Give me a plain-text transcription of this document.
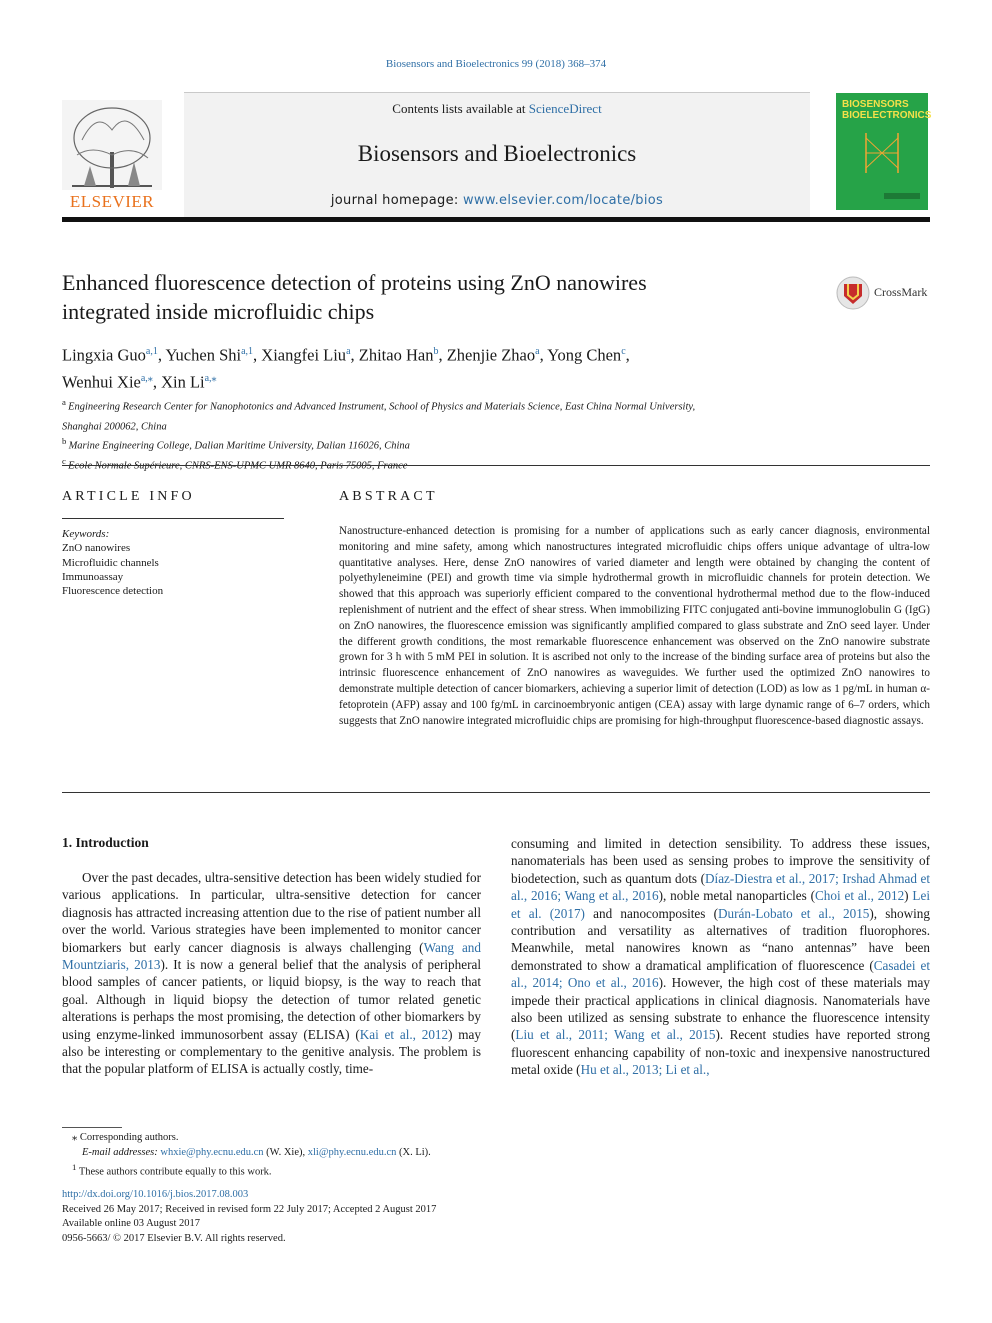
Biosensors and Bioelectronics 99 (2018) 368–374
ELSEVIER
Contents lists available at ScienceDirect
Biosensors and Bioelectronics
journal homepage: www.elsevier.com/locate/bios
BIOSENSORS
BIOELECTRONICS
Enhanced fluorescence detection of proteins using ZnO nanowires
integrated inside microfluidic chips
CrossMark
Lingxia Guo$^{a,1}$, Yuchen Shi$^{a,1}$, Xiangfei Liu$^a$, Zhitao Han$^b$, Zhenjie Zhao$^a$, Yong Chen$^c$,
Wenhui Xie$^{a,⁎}$, Xin $Li^{a,⁎}$
$^a$ Engineering Research Center for Nanophotonics and Advanced Instrument, School of Physics and Materials Science, East China Normal University,
Shanghai 200062, China
$^b$ Marine Engineering College, Dalian Maritime University, Dalian 116026, China
$^c$
ARTICLE INFO
Keywords:
ZnO nanowires
Microfluidic channels
Immunoassay
Fluorescence detection
ABSTRACT
Nanostructure-enhanced detection is promising for a number of applications such as early cancer diagnosis, environmental monitoring and mine safety, among which nanostructures integrated microfluidic chips offers unique advantage of ultra-low quantitative analyses. Here, dense ZnO nanowires of varied diameter and length were obtained by changing the content of polyethyleneimine (PEI) and growth time via simple hydrothermal growth in microfluidic channels for protein detection. We showed that this approach was superiorly efficient compared to the conventional hydrothermal method due to the flow-induced replenishment of nutrient and the effect of shear stress. When immobilizing FITC conjugated anti-bovine immunoglobulin G (IgG) on ZnO nanowires, the fluorescence emission was significantly amplified compared to glass substrate and ZnO seed layer. Under the different growth conditions, the most remarkable fluorescence enhancement was observed on the ZnO nanowire substrate grown for 3 h with 5 mM PEI in solution. It is ascribed not only to the increase of the binding surface area of proteins but also the intrinsic fluorescence enhancement of ZnO nanowires as waveguides. We further used the optimized ZnO nanowires to demonstrate multiple detection of cancer biomarkers, achieving a superior limit of detection (LOD) as low as 1 pg/mL in human α-fetoprotein (AFP) assay and 100 fg/mL in carcinoembryonic antigen (CEA) assay with large dynamic range of 6–7 orders, which suggests that ZnO nanowire integrated microfluidic chips are promising for high-throughput fluorescence-based diagnostic assays.
1. Introduction

Over the past decades, ultra-sensitive detection has been widely studied for various applications. In particular, ultra-sensitive detection for cancer diagnosis has attracted increasing attention due to the rise of patient number all over the world. Various strategies have been implemented to monitor cancer biomarkers but early cancer diagnosis is always challenging (Wang and Mountziaris, 2013). It is now a general belief that the analysis of peripheral blood samples of cancer patients, or liquid biopsy, is the way to reach that goal. Although in liquid biopsy the detection of tumor related genetic alterations is perhaps the most promising, the detection of other biomarkers by using enzyme-linked immunosorbent assay (ELISA) (Kai et al., 2012) may also be interesting or complementary to the genitive analysis. The problem is that the popular platform of ELISA is actually costly, time-

consuming and limited in detection sensibility. To address these issues, nanomaterials has been used as sensing probes to improve the sensitivity of biodetection, such as quantum dots (Díaz-Diestra et al., 2017; Irshad Ahmad et al., 2016; Wang et al., 2016), noble metal nanoparticles (Choi et al., 2012) Lei et al. (2017) and nanocomposites (Durán-Lobato et al., 2015), showing contribution and versatility as alternatives of tradition fluorophores. Meanwhile, metal nanowires known as “nano antennas” have been demonstrated to show a dramatical amplification of fluorescence (Casadei et al., 2014; Ono et al., 2016). However, the high cost of these materials may impede their practical applications in clinical diagnosis. Nanomaterials have also been utilized as sensing substrate to enhance the fluorescence intensity (Liu et al., 2011; Wang et al., 2015). Recent studies have reported strong fluorescent enhancing capability of non-toxic and inexpensive nanostructured metal oxide (Hu et al., 2013; Li et al.,

⁎ Corresponding authors.
E-mail addresses: whxie@phy.ecnu.edu.cn (W. Xie), xli@phy.ecnu.edu.cn (X. Li).
$^1$ These authors contribute equally to this work.
http://dx.doi.org/10.1016/j.bios.2017.08.003
Received 26 May 2017; Received in revised form 22 July 2017; Accepted 2 August 2017
Available online 03 August 2017
0956-5663/ © 2017 Elsevier B.V. All rights reserved.
